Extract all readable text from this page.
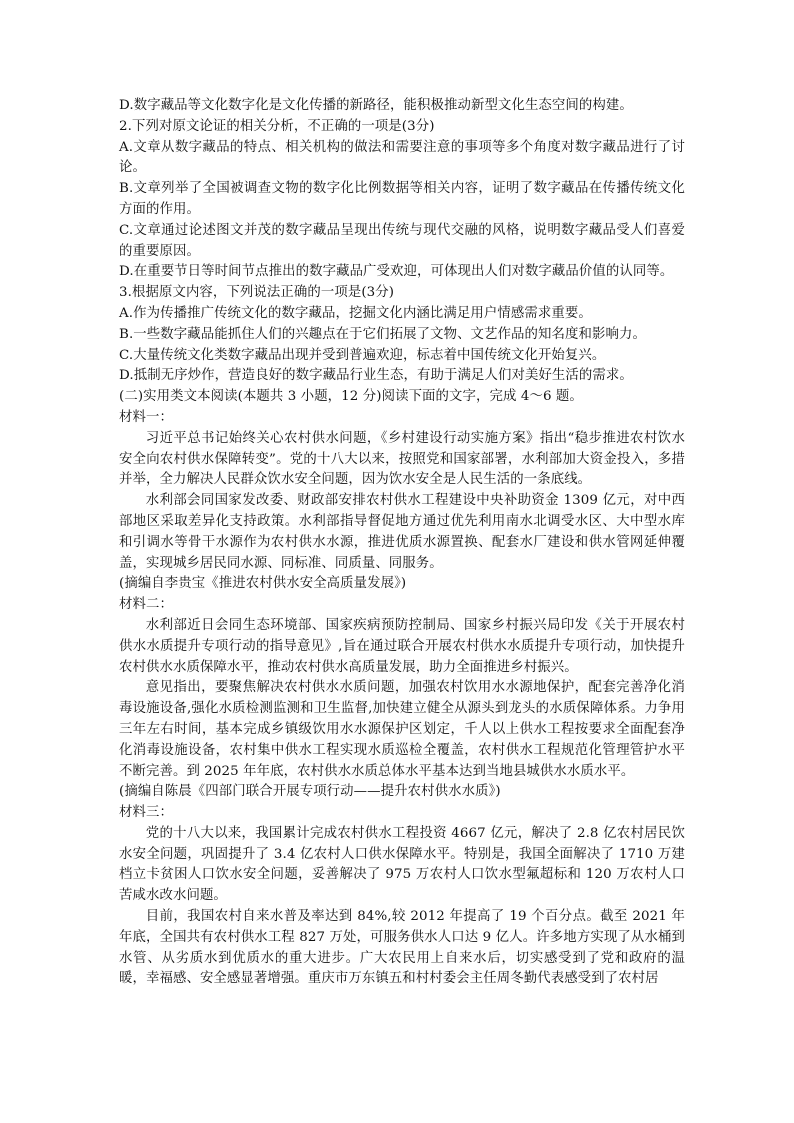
D.数字藏品等文化数字化是文化传播的新路径，能积极推动新型文化生态空间的构建。

2.下列对原文论证的相关分析，不正确的一项是(3分)

A.文章从数字藏品的特点、相关机构的做法和需要注意的事项等多个角度对数字藏品进行了讨论。

B.文章列举了全国被调查文物的数字化比例数据等相关内容，证明了数字藏品在传播传统文化方面的作用。

C.文章通过论述图文并茂的数字藏品呈现出传统与现代交融的风格，说明数字藏品受人们喜爱的重要原因。

D.在重要节日等时间节点推出的数字藏品广受欢迎，可体现出人们对数字藏品价值的认同等。

3.根据原文内容，下列说法正确的一项是(3分)

A.作为传播推广传统文化的数字藏品，挖掘文化内涵比满足用户情感需求重要。

B.一些数字藏品能抓住人们的兴趣点在于它们拓展了文物、文艺作品的知名度和影响力。

C.大量传统文化类数字藏品出现并受到普遍欢迎，标志着中国传统文化开始复兴。

D.抵制无序炒作，营造良好的数字藏品行业生态，有助于满足人们对美好生活的需求。

(二)实用类文本阅读(本题共 3 小题，12 分)阅读下面的文字，完成 4～6 题。

材料一：

习近平总书记始终关心农村供水问题，《乡村建设行动实施方案》指出“稳步推进农村饮水安全向农村供水保障转变”。党的十八大以来，按照党和国家部署，水利部加大资金投入，多措并举，全力解决人民群众饮水安全问题，因为饮水安全是人民生活的一条底线。

水利部会同国家发改委、财政部安排农村供水工程建设中央补助资金 1309 亿元，对中西部地区采取差异化支持政策。水利部指导督促地方通过优先利用南水北调受水区、大中型水库和引调水等骨干水源作为农村供水水源，推进优质水源置换、配套水厂建设和供水管网延伸覆盖，实现城乡居民同水源、同标准、同质量、同服务。

(摘编自李贵宝《推进农村供水安全高质量发展》)

材料二：

水利部近日会同生态环境部、国家疾病预防控制局、国家乡村振兴局印发《关于开展农村供水水质提升专项行动的指导意见》,旨在通过联合开展农村供水水质提升专项行动，加快提升农村供水水质保障水平，推动农村供水高质量发展，助力全面推进乡村振兴。

意见指出，要聚焦解决农村供水水质问题，加强农村饮用水水源地保护，配套完善净化消毒设施设备,强化水质检测监测和卫生监督,加快建立健全从源头到龙头的水质保障体系。力争用三年左右时间，基本完成乡镇级饮用水水源保护区划定，千人以上供水工程按要求全面配套净化消毒设施设备，农村集中供水工程实现水质巡检全覆盖，农村供水工程规范化管理管护水平不断完善。到 2025 年年底，农村供水水质总体水平基本达到当地县城供水水质水平。

(摘编自陈晨《四部门联合开展专项行动——提升农村供水水质》)

材料三：

党的十八大以来，我国累计完成农村供水工程投资 4667 亿元，解决了 2.8 亿农村居民饮水安全问题，巩固提升了 3.4 亿农村人口供水保障水平。特别是，我国全面解决了 1710 万建档立卡贫困人口饮水安全问题，妥善解决了 975 万农村人口饮水型氟超标和 120 万农村人口苦咸水改水问题。

目前，我国农村自来水普及率达到 84%,较 2012 年提高了 19 个百分点。截至 2021 年年底，全国共有农村供水工程 827 万处，可服务供水人口达 9 亿人。许多地方实现了从水桶到水管、从劣质水到优质水的重大进步。广大农民用上自来水后，切实感受到了党和政府的温暖，幸福感、安全感显著增强。重庆市万东镇五和村村委会主任周冬勤代表感受到了农村居
